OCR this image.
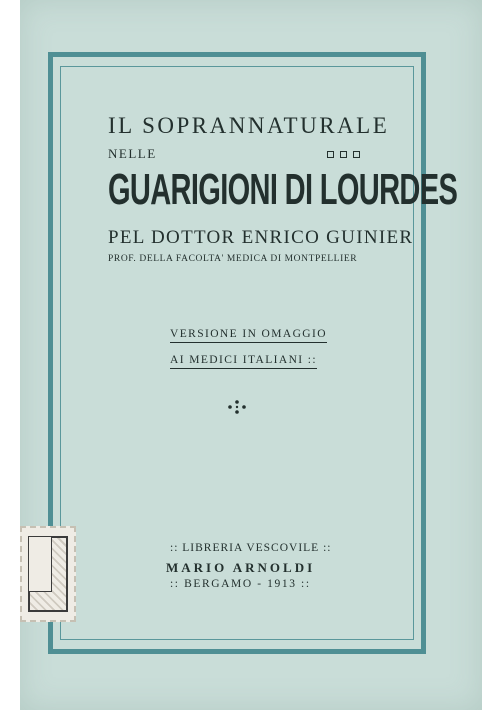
IL SOPRANNATURALE
NELLE
GUARIGIONI DI LOURDES
PEL DOTTOR ENRICO GUINIER
PROF. DELLA FACOLTA' MEDICA DI MONTPELLIER
VERSIONE IN OMAGGIO
AI MEDICI ITALIANI ::
:: LIBRERIA VESCOVILE ::
MARIO ARNOLDI
:: BERGAMO - 1913 ::
